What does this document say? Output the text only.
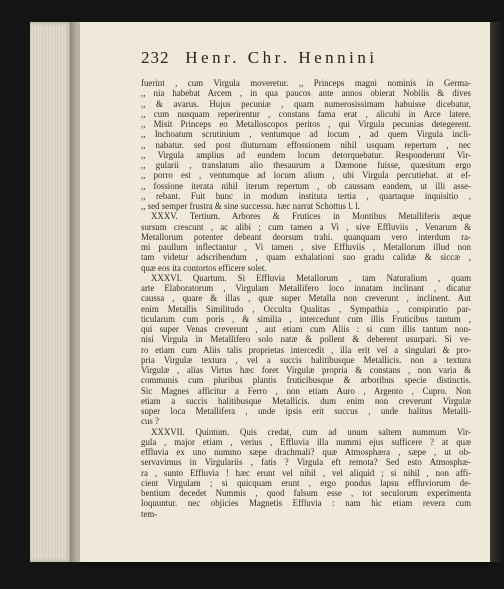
232 Henr. Chr. Hennini
fuerint , cum Virgula moveretur. ,, Princeps magni nominis in Germa-
,, nia habebat Arcem , in qua paucos ante annos obierat Nobilis & dives
,, & avarus. Hujus pecuniæ , quam numerosissimam habuisse dicebatur,
,, cum nusquam reperirentur , constans fama erat , alicubi in Arce latere.
,, Misit Princeps eo Metalloscopos peritos , qui Virgula pecunias detegerent.
,, Inchoatum scrutinium , ventumque ad locum , ad quem Virgula incli-
,, nabatur. sed post diuturnam effossionem nihil usquam repertum , nec
,, Virgula amplius ad eundem locum detorquebatur. Responderunt Vir-
,, gularii , translatum alio thesaurum a Dæmone fuisse, quæsitum ergo
,, porro est , ventumque ad locum alium , ubi Virgula percutiebat. at ef-
,, fossione iterata nihil iterum repertum , ob caussam eandem, ut illi asse-
,, rebant. Fuit hunc in modum instituta tertia , quartaque inquisitio ,
,, sed semper frustra & sine successu. hæc narrat Schottus l. l.
XXXV. Tertium. Arbores & Frutices in Montibus Metalliferis æque
sursum crescunt , ac alibi ; cum tamen a Vi , sive Effluviis , Venarum &
Metallorum potenter debeant deorsum trahi. quanquam vero interdum ra-
mi paullum inflectantur , Vi tamen , sive Effluviis , Metallorum illud non
tam videtur adscribendum , quam exhalationi suo gradu calidæ & siccæ ,
quæ eos ita contortos efficere solet.
XXXVI. Quartum. Si Effluvia Metallorum , tam Naturalium , quam
arte Elaboratorum , Virgulam Metallifero loco innatam inclinant , dicatur
caussa , quare & illas , quæ super Metalla non creverunt , inclinent. Aut
enim Metallis Similitudo , Occulta Qualitas , Sympathia , conspiratio par-
ticularum cum poris , & similia , intercedunt cum illis Fruticibus tantum ,
qui super Venas creverunt , aut etiam cum Aliis : si cum illis tantum non-
nisi Virgula in Metallifero solo natæ & pollent & deberent usurpari. Si ve-
ro etiam cum Aliis talis proprietas intercedit , illa erit vel a singulari & pro-
pria Virgulæ textura , vel a succis halitibusque Metallicis. non a textura
Virgulæ , alias Virtus hæc foret Virgulæ propria & constans , non varia &
communis cum pluribus plantis fruticibusque & arboribus specie distinctis.
Sic Magnes afficitur a Ferro , non etiam Auro , Argento , Cupro. Non
etiam a succis halitibusque Metallicis. dum enim non creverunt Virgulæ
super loca Metallifera , unde ipsis erit succus , unde halitus Metalli-
cus ?
XXXVII. Quintum. Quis credat, cum ad unum saltem nummum Vir-
gula , major etiam , verius , Effluvia illa nummi ejus sufficere ? at quæ
effluvia ex uno nummo sæpe drachmali? quæ Atmosphæra , sæpe , ut ob-
servavimus in Virgulariis , fatis ? Virgula eft remota? Sed esto Atmosphæ-
ra , sunto Effluvia ! hæc erunt vel nihil , vel aliquid ; si nihil , non affi-
cient Virgulam ; si quicquam erunt , ergo pondus lapsu effluviorum de-
bentium decedet Nummis , quod falsum esse , tot seculorum experimenta
loquuntur. nec objicies Magnetis Effluvia : nam hic etiam revera cum
tem-
